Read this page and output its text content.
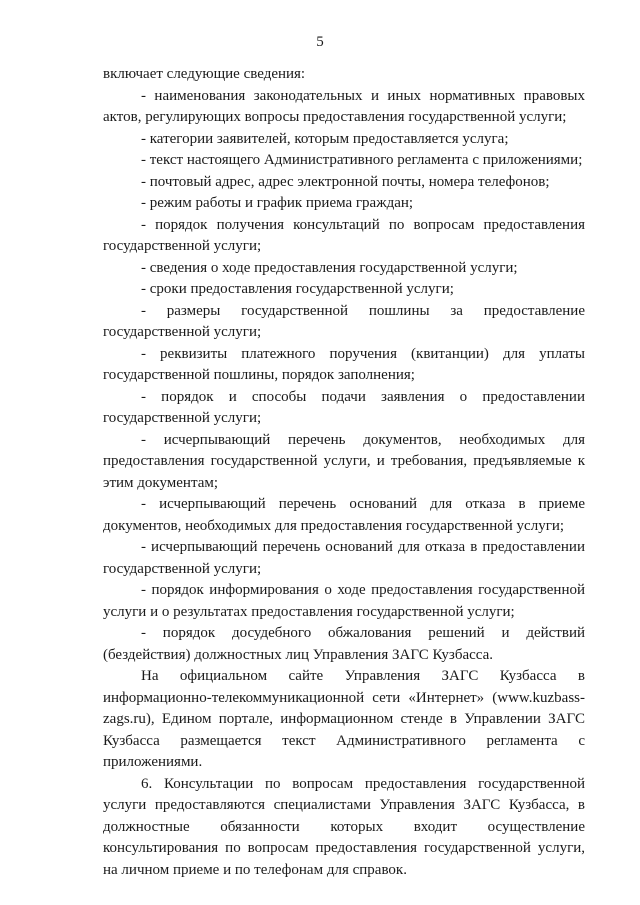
5

включает следующие сведения:

- наименования законодательных и иных нормативных правовых актов, регулирующих вопросы предоставления государственной услуги;

- категории заявителей, которым предоставляется услуга;

- текст настоящего Административного регламента с приложениями;

- почтовый адрес, адрес электронной почты, номера телефонов;

- режим работы и график приема граждан;

- порядок получения консультаций по вопросам предоставления государственной услуги;

- сведения о ходе предоставления государственной услуги;

- сроки предоставления государственной услуги;

- размеры государственной пошлины за предоставление государственной услуги;

- реквизиты платежного поручения (квитанции) для уплаты государственной пошлины, порядок заполнения;

- порядок и способы подачи заявления о предоставлении государственной услуги;

- исчерпывающий перечень документов, необходимых для предоставления государственной услуги, и требования, предъявляемые к этим документам;

- исчерпывающий перечень оснований для отказа в приеме документов, необходимых для предоставления государственной услуги;

- исчерпывающий перечень оснований для отказа в предоставлении государственной услуги;

- порядок информирования о ходе предоставления государственной услуги и о результатах предоставления государственной услуги;

- порядок досудебного обжалования решений и действий (бездействия) должностных лиц Управления ЗАГС Кузбасса.

На официальном сайте Управления ЗАГС Кузбасса в информационно-телекоммуникационной сети «Интернет» (www.kuzbass-zags.ru), Едином портале, информационном стенде в Управлении ЗАГС Кузбасса размещается текст Административного регламента с приложениями.

6. Консультации по вопросам предоставления государственной услуги предоставляются специалистами Управления ЗАГС Кузбасса, в должностные обязанности которых входит осуществление консультирования по вопросам предоставления государственной услуги, на личном приеме и по телефонам для справок.
